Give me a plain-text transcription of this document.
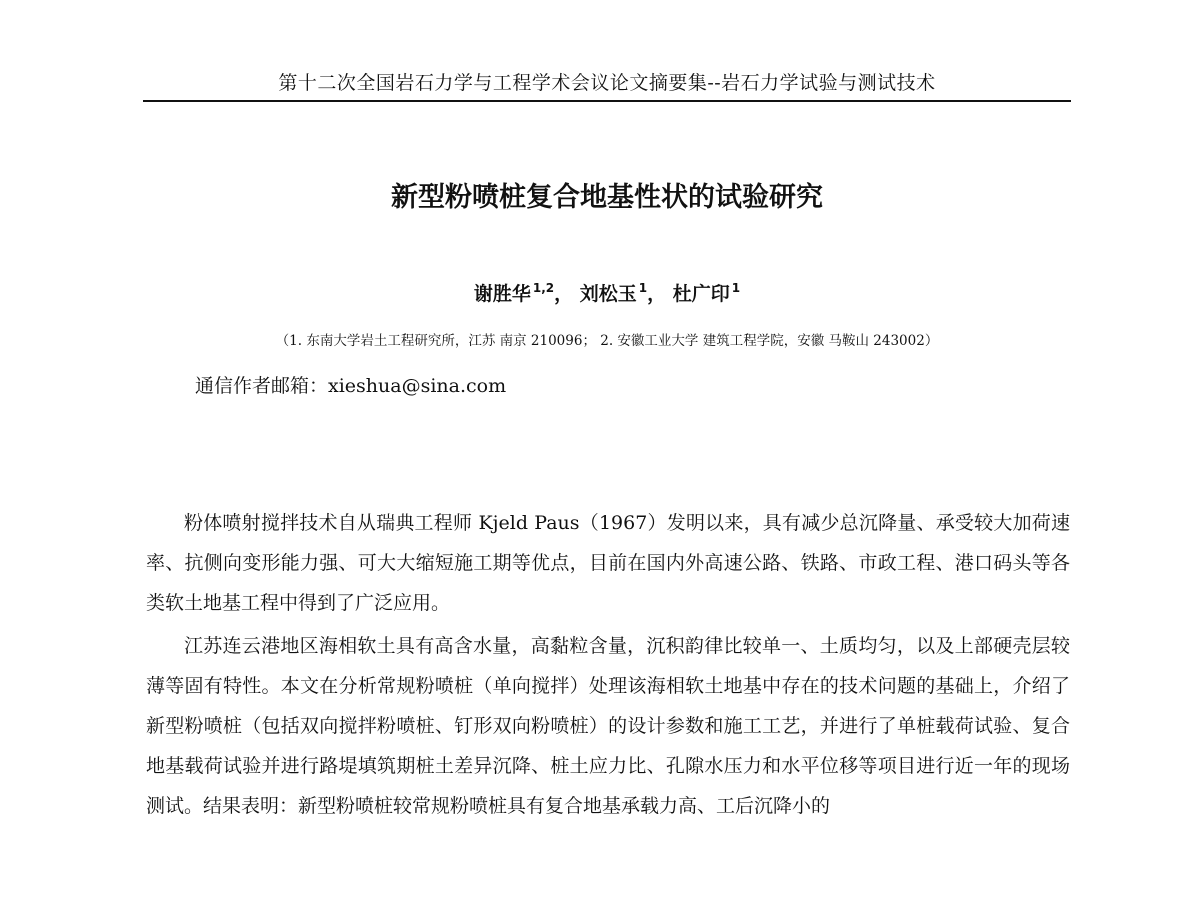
第十二次全国岩石力学与工程学术会议论文摘要集--岩石力学试验与测试技术
新型粉喷桩复合地基性状的试验研究
谢胜华 $^{1,2}$， 刘松玉 $^1$， 杜广印 $^1$
（1. 东南大学岩土工程研究所，江苏 南京 210096； 2. 安徽工业大学 建筑工程学院，安徽 马鞍山 243002）
通信作者邮箱：xieshua@sina.com

粉体喷射搅拌技术自从瑞典工程师 Kjeld Paus（1967）发明以来，具有减少总沉降量、承受较大加荷速率、抗侧向变形能力强、可大大缩短施工期等优点，目前在国内外高速公路、铁路、市政工程、港口码头等各类软土地基工程中得到了广泛应用。

江苏连云港地区海相软土具有高含水量，高黏粒含量，沉积韵律比较单一、土质均匀，以及上部硬壳层较薄等固有特性。本文在分析常规粉喷桩（单向搅拌）处理该海相软土地基中存在的技术问题的基础上，介绍了新型粉喷桩（包括双向搅拌粉喷桩、钉形双向粉喷桩）的设计参数和施工工艺，并进行了单桩载荷试验、复合地基载荷试验并进行路堤填筑期桩土差异沉降、桩土应力比、孔隙水压力和水平位移等项目进行近一年的现场测试。结果表明：新型粉喷桩较常规粉喷桩具有复合地基承载力高、工后沉降小的
